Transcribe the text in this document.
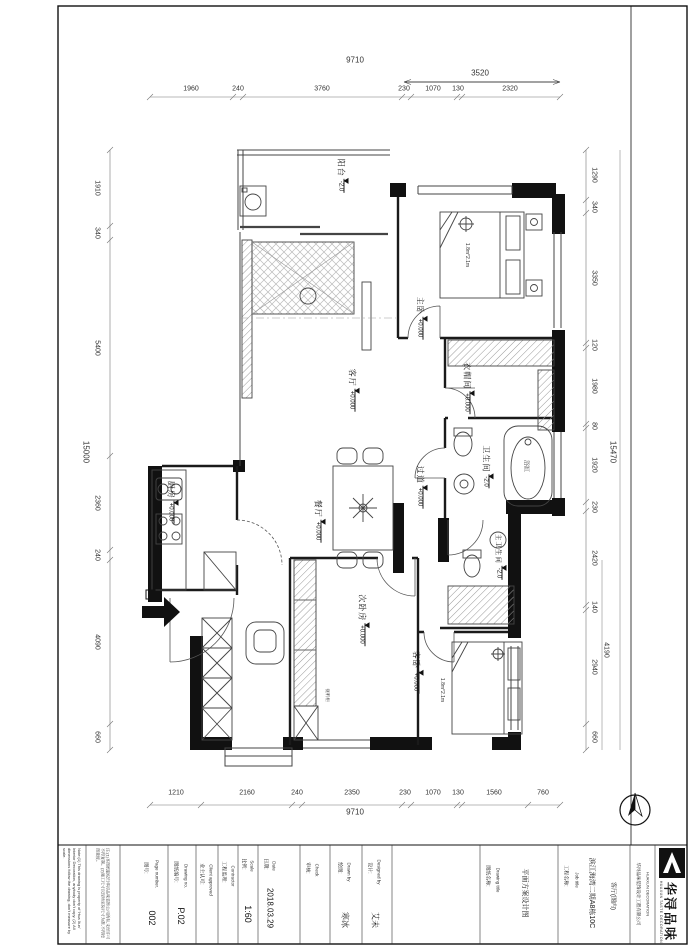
9710
3520
1960	240	3760	230 1070 130	2320
1210	2160	240	2350	230 1070 130	1560	760
9710
1910
340
5400
15000
2360
240
4090
660
1290
340
3350
120
1980
80
1920
230
2420
140
2940
660
15470
4190
阳台
-2.0
主卧
+0.000
客厅
+0.000
衣帽间
+0.000
卫生间
-2.0
过道
+0.000
厨房
+0.000	餐厅
+0.000
次卧房
+0.000
主卫生间
-2.0
客卧
+0.000
浴缸
视听柜
1.8m*2.1m
1.8m*2.1m
Note:(1) This drawing is property of 'Hua Xun' Interior Decoration, anybody don't copy. (2) All dimensions follow the drawing, don't measure by scale.	注:(1)本图纸版权归华浔品味装饰公司所有,未经许可不得复制。(2)施工尺寸以现场实际尺寸为准,不得按图量度。
图号: Page number.
002
图纸编号: Drawing no.
P.02
业主认可: Client approved 工程监理: Contractor
比例: Scale
1:60
日期: Date
2018.03.29
审核: Check	绘图: Drawn by
寒冰
设计: Designed by
艾未
图纸名称: Drawing title	平面方案设计图	工程名称: Job title 滨江海湾二期A8栋10C	客厅(图内)	华浔品味装饰设计工程有限公司 HUAXUN DECORATION 华浔品味
HUAXUN TASTE DECORATION
